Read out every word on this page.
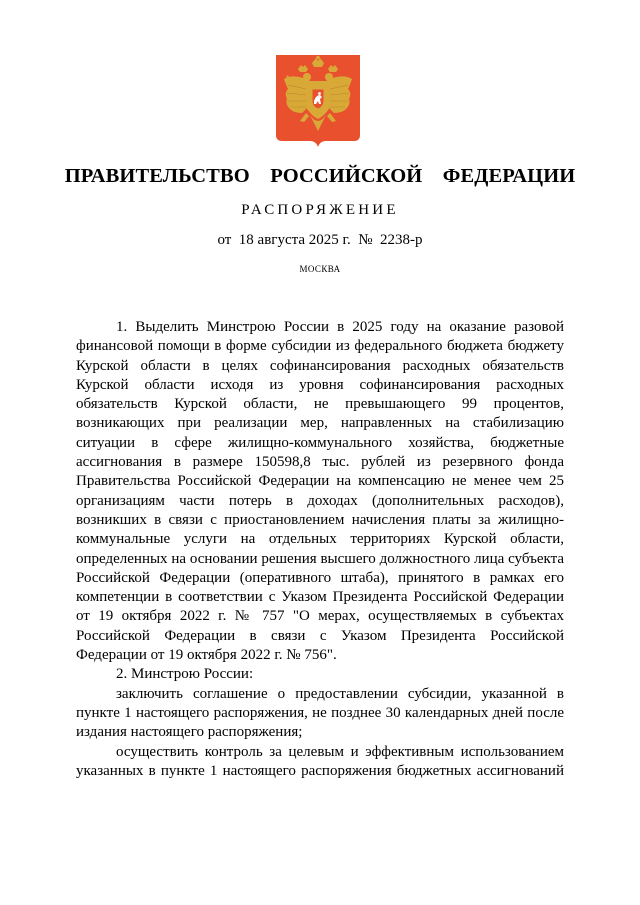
ПРАВИТЕЛЬСТВО  РОССИЙСКОЙ  ФЕДЕРАЦИИ
РАСПОРЯЖЕНИЕ
от  18 августа 2025 г.  №  2238-р
МОСКВА

1. Выделить Минстрою России в 2025 году на оказание разовой финансовой помощи в форме субсидии из федерального бюджета бюджету Курской области в целях софинансирования расходных обязательств Курской области исходя из уровня софинансирования расходных обязательств Курской области, не превышающего 99 процентов, возникающих при реализации мер, направленных на стабилизацию ситуации в сфере жилищно-коммунального хозяйства, бюджетные ассигнования в размере 150598,8 тыс. рублей из резервного фонда Правительства Российской Федерации на компенсацию не менее чем 25 организациям части потерь в доходах (дополнительных расходов), возникших в связи с приостановлением начисления платы за жилищно-коммунальные услуги на отдельных территориях Курской области, определенных на основании решения высшего должностного лица субъекта Российской Федерации (оперативного штаба), принятого в рамках его компетенции в соответствии с Указом Президента Российской Федерации от 19 октября 2022 г. № 757 "О мерах, осуществляемых в субъектах Российской Федерации в связи с Указом Президента Российской Федерации от 19 октября 2022 г. № 756".

2. Минстрою России:

заключить соглашение о предоставлении субсидии, указанной в пункте 1 настоящего распоряжения, не позднее 30 календарных дней после издания настоящего распоряжения;

осуществить контроль за целевым и эффективным использованием указанных в пункте 1 настоящего распоряжения бюджетных ассигнований
